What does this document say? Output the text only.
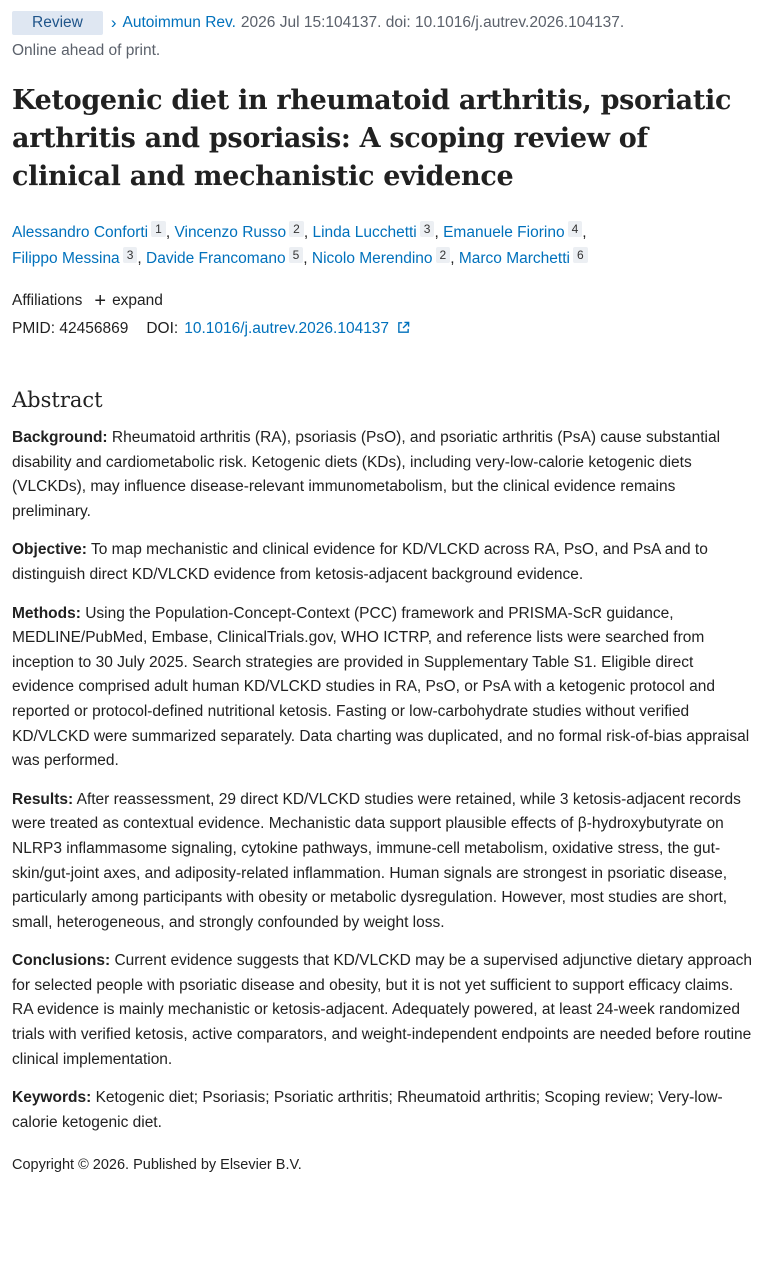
Review	› Autoimmun Rev. 2026 Jul 15:104137. doi: 10.1016/j.autrev.2026.104137.
Online ahead of print.
Ketogenic diet in rheumatoid arthritis, psoriatic arthritis and psoriasis: A scoping review of clinical and mechanistic evidence
Alessandro Conforti 1 , Vincenzo Russo 2 , Linda Lucchetti 3 , Emanuele Fiorino 4 ,
Filippo Messina 3 , Davide Francomano 5 , Nicolo Merendino 2 , Marco Marchetti 6
Affiliations + expand
PMID:
42456869 DOI: 10.1016/j.autrev.2026.104137
Abstract

Background: Rheumatoid arthritis (RA), psoriasis (PsO), and psoriatic arthritis (PsA) cause substantial disability and cardiometabolic risk. Ketogenic diets (KDs), including very-low-calorie ketogenic diets (VLCKDs), may influence disease-relevant immunometabolism, but the clinical evidence remains preliminary.

Objective: To map mechanistic and clinical evidence for KD/VLCKD across RA, PsO, and PsA and to distinguish direct KD/VLCKD evidence from ketosis-adjacent background evidence.

Methods: Using the Population-Concept-Context (PCC) framework and PRISMA-ScR guidance, MEDLINE/PubMed, Embase, ClinicalTrials.gov, WHO ICTRP, and reference lists were searched from inception to 30 July 2025. Search strategies are provided in Supplementary Table S1. Eligible direct evidence comprised adult human KD/VLCKD studies in RA, PsO, or PsA with a ketogenic protocol and reported or protocol-defined nutritional ketosis. Fasting or low-carbohydrate studies without verified KD/VLCKD were summarized separately. Data charting was duplicated, and no formal risk-of-bias appraisal was performed.

Results: After reassessment, 29 direct KD/VLCKD studies were retained, while 3 ketosis-adjacent records were treated as contextual evidence. Mechanistic data support plausible effects of β-hydroxybutyrate on NLRP3 inflammasome signaling, cytokine pathways, immune-cell metabolism, oxidative stress, the gut-skin/gut-joint axes, and adiposity-related inflammation. Human signals are strongest in psoriatic disease, particularly among participants with obesity or metabolic dysregulation. However, most studies are short, small, heterogeneous, and strongly confounded by weight loss.

Conclusions: Current evidence suggests that KD/VLCKD may be a supervised adjunctive dietary approach for selected people with psoriatic disease and obesity, but it is not yet sufficient to support efficacy claims. RA evidence is mainly mechanistic or ketosis-adjacent. Adequately powered, at least 24-week randomized trials with verified ketosis, active comparators, and weight-independent endpoints are needed before routine clinical implementation.

Keywords: Ketogenic diet; Psoriasis; Psoriatic arthritis; Rheumatoid arthritis; Scoping review; Very-low-calorie ketogenic diet.

Copyright © 2026. Published by Elsevier B.V.
